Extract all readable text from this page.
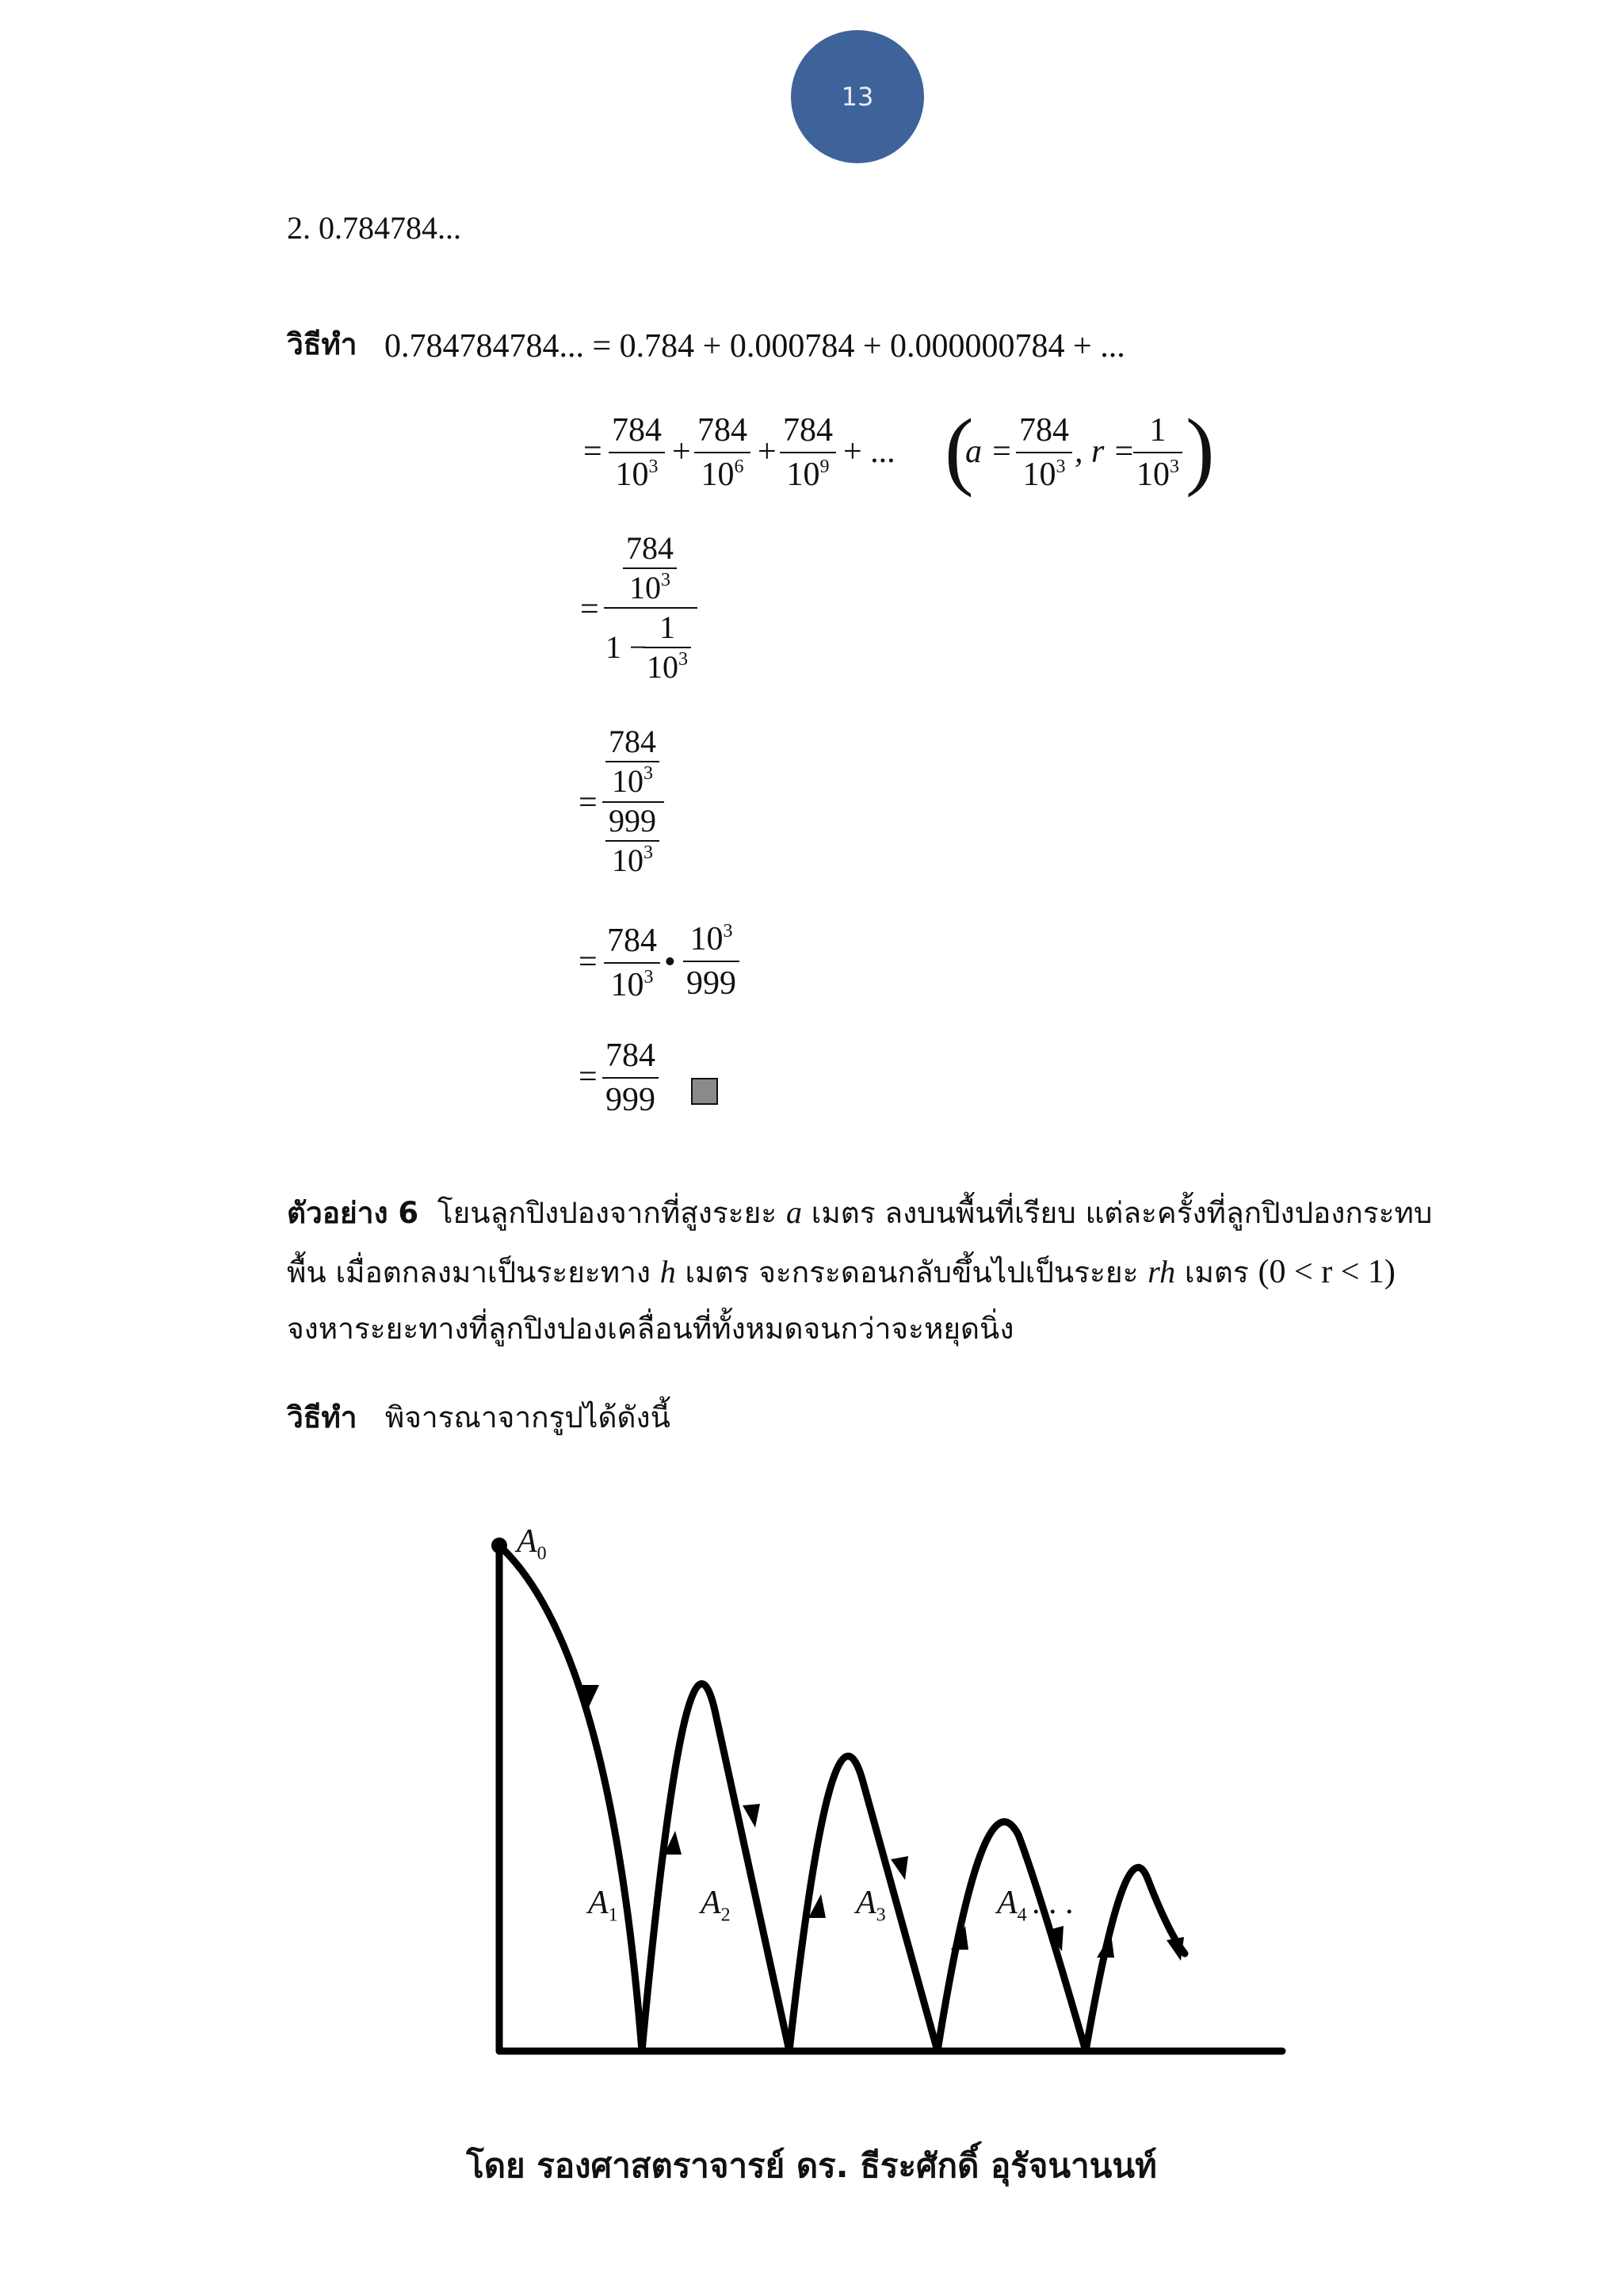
13
2. 0.784784...
วิธีทำ 0.784784784... = 0.784 + 0.000784 + 0.000000784 + ...
= $\frac{784}{10^3} + \frac{784}{10^6} + \frac{784}{10^9}$ + ... (
$a = \frac{784}{10^3}$ , r =
$\frac{1}{10^3}$ )
=
$\frac{784}{10^3}$
1 −
$\frac{1}{10^3}$
=
$\frac{784}{10^3}$
$\frac{999}{10^3}$
= $\frac{784}{10^3}$ • $\frac{10^3}{999}$
= $\frac{784}{999}$
ตัวอย่าง 6 โยนลูกปิงปองจากที่สูงระยะ a เมตร ลงบนพื้นที่เรียบ แต่ละครั้งที่ลูกปิงปองกระทบ
พื้น เมื่อตกลงมาเป็นระยะทาง h เมตร จะกระดอนกลับขึ้นไปเป็นระยะ rh เมตร (0 < r < 1)
จงหาระยะทางที่ลูกปิงปองเคลื่อนที่ทั้งหมดจนกว่าจะหยุดนิ่ง
วิธีทำ พิจารณาจากรูปได้ดังนี้
$A_0$
$A_1$ $A_2$	$A_3$	$A_4$ . . .
โดย รองศาสตราจารย์ ดร. ธีระศักดิ์ อุรัจนานนท์
